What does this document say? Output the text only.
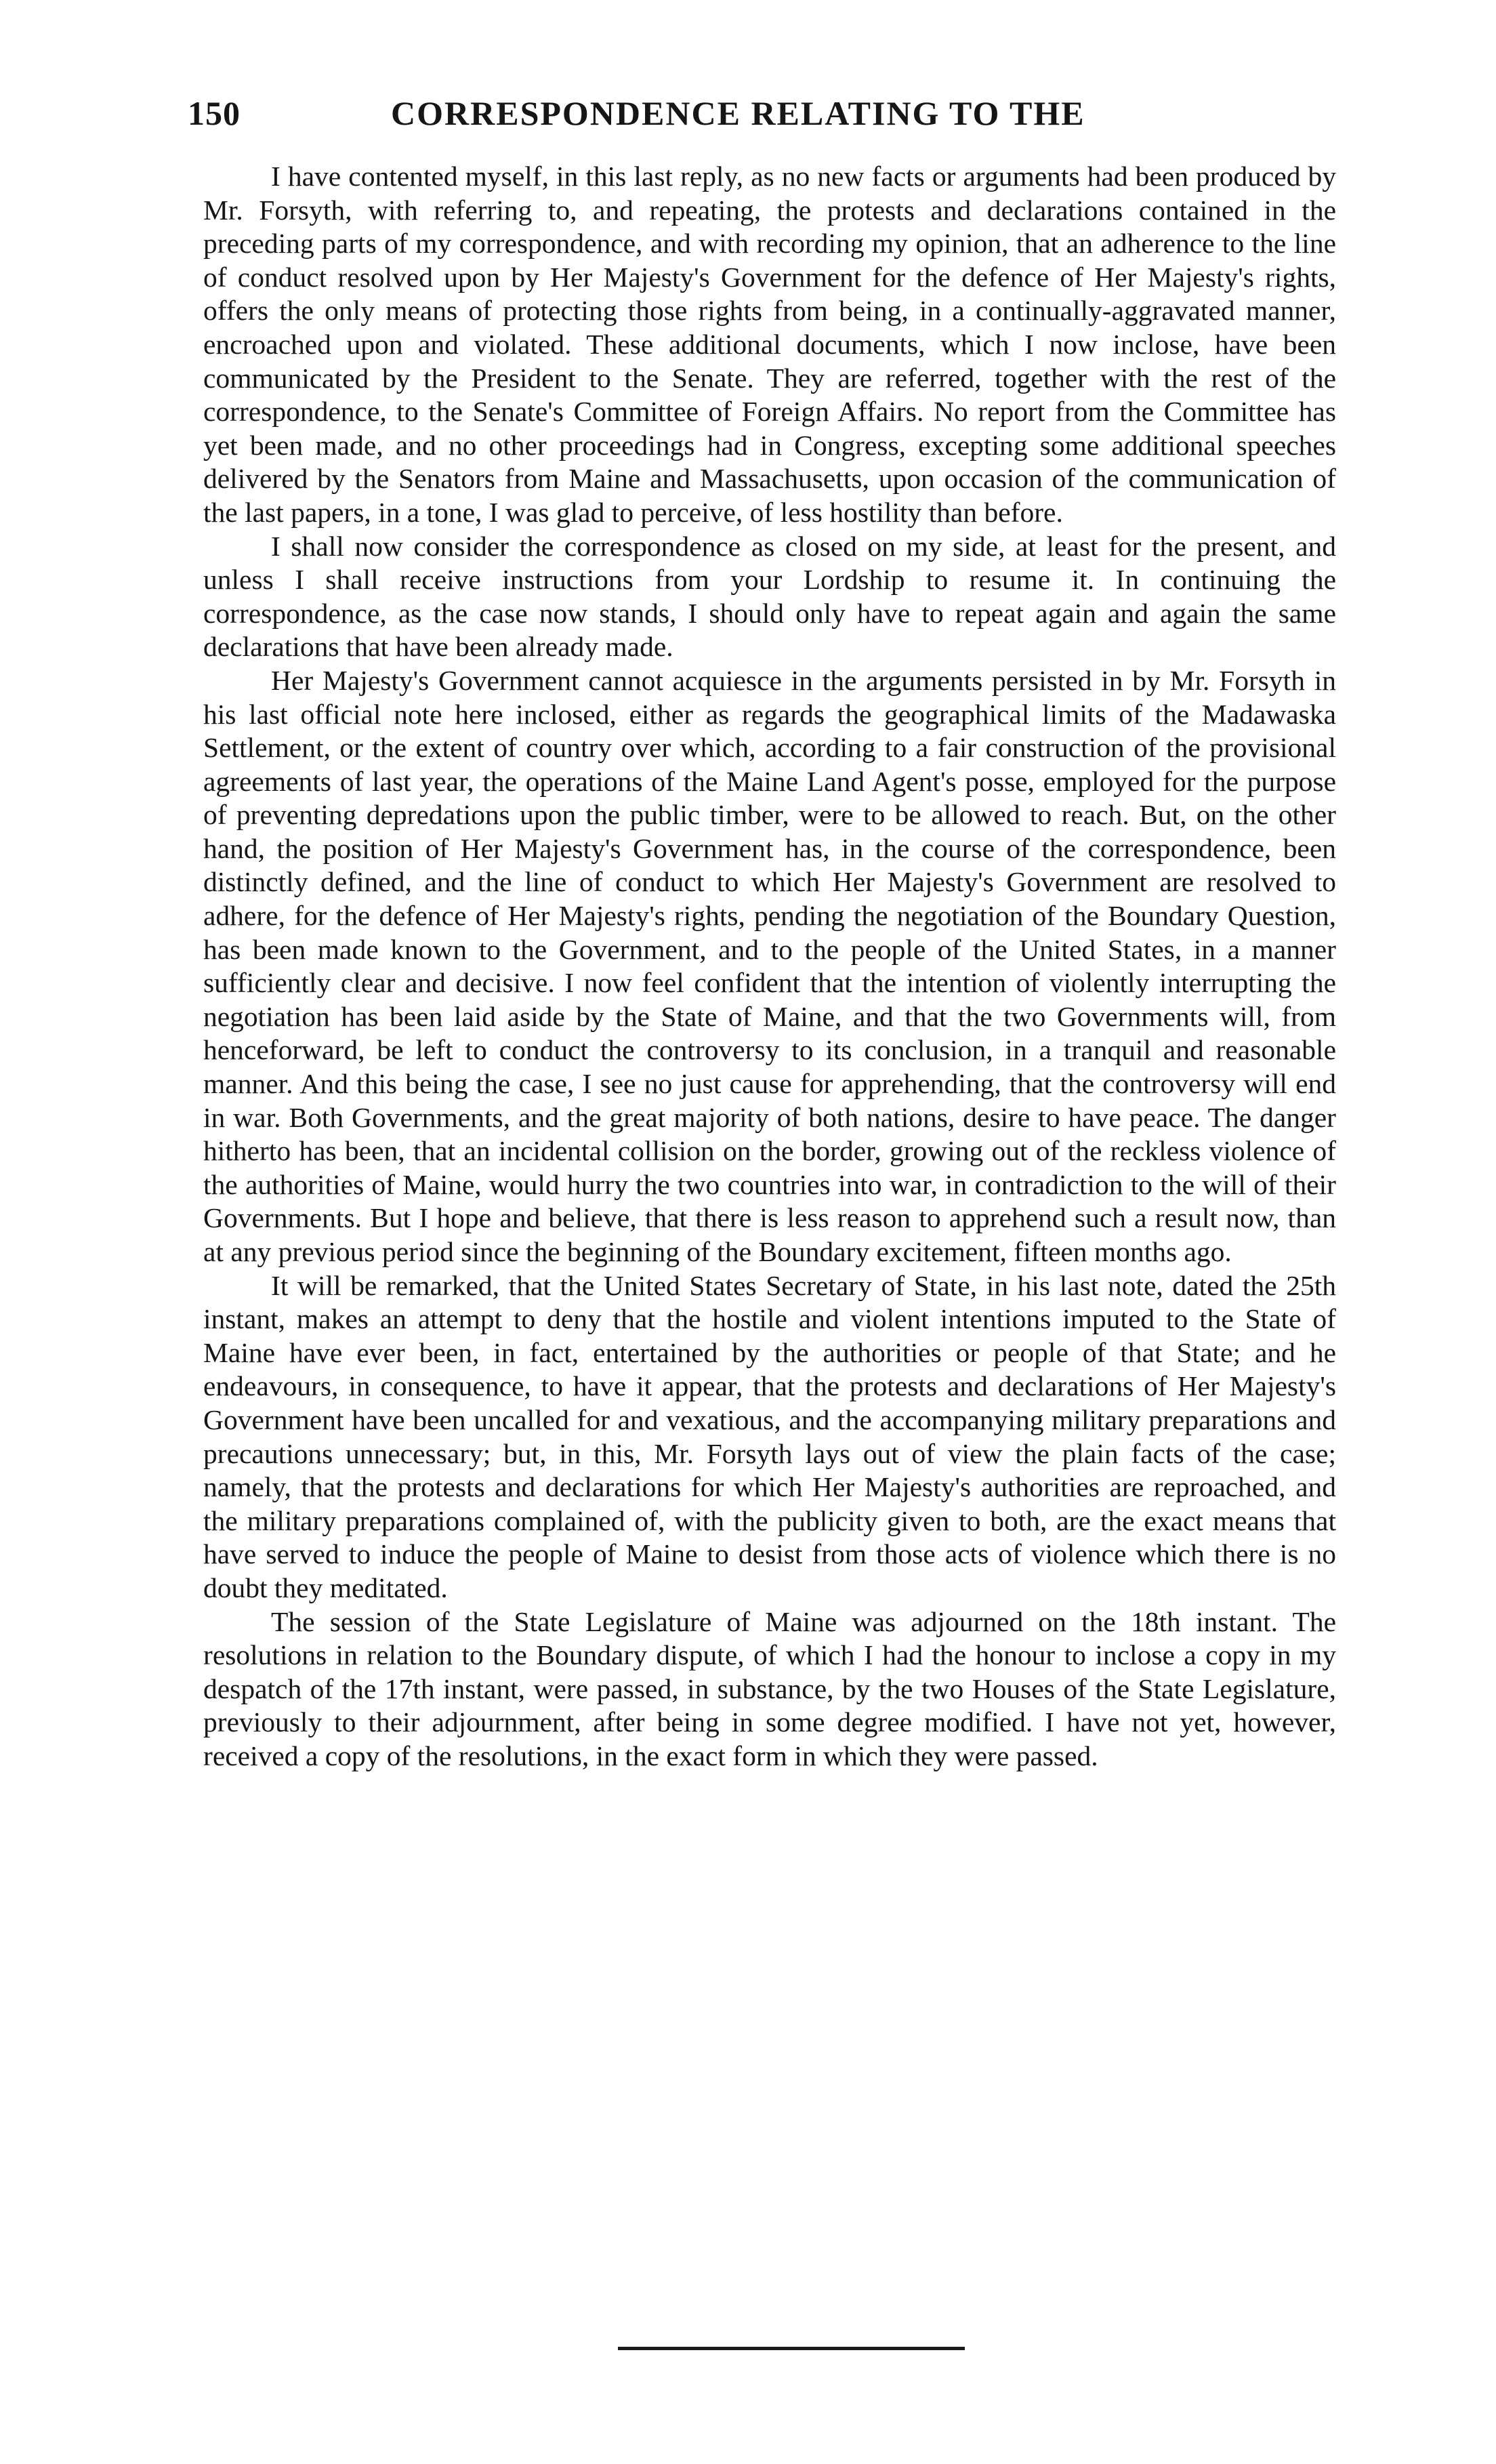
150	CORRESPONDENCE RELATING TO THE

I have contented myself, in this last reply, as no new facts or arguments had been produced by Mr. Forsyth, with referring to, and repeating, the protests and declarations contained in the preceding parts of my correspondence, and with recording my opinion, that an adherence to the line of conduct resolved upon by Her Majesty's Government for the defence of Her Majesty's rights, offers the only means of protecting those rights from being, in a continually-aggravated manner, encroached upon and violated. These additional documents, which I now inclose, have been communicated by the President to the Senate. They are referred, together with the rest of the correspondence, to the Senate's Committee of Foreign Affairs. No report from the Committee has yet been made, and no other proceedings had in Congress, excepting some additional speeches delivered by the Senators from Maine and Massachusetts, upon occasion of the communication of the last papers, in a tone, I was glad to perceive, of less hostility than before.

I shall now consider the correspondence as closed on my side, at least for the present, and unless I shall receive instructions from your Lordship to resume it. In continuing the correspondence, as the case now stands, I should only have to repeat again and again the same declarations that have been already made.

Her Majesty's Government cannot acquiesce in the arguments persisted in by Mr. Forsyth in his last official note here inclosed, either as regards the geographical limits of the Madawaska Settlement, or the extent of country over which, according to a fair construction of the provisional agreements of last year, the operations of the Maine Land Agent's posse, employed for the purpose of preventing depredations upon the public timber, were to be allowed to reach. But, on the other hand, the position of Her Majesty's Government has, in the course of the correspondence, been distinctly defined, and the line of conduct to which Her Majesty's Government are resolved to adhere, for the defence of Her Majesty's rights, pending the negotiation of the Boundary Question, has been made known to the Government, and to the people of the United States, in a manner sufficiently clear and decisive. I now feel confident that the intention of violently interrupting the negotiation has been laid aside by the State of Maine, and that the two Governments will, from henceforward, be left to conduct the controversy to its conclusion, in a tranquil and reasonable manner. And this being the case, I see no just cause for apprehending, that the controversy will end in war. Both Governments, and the great majority of both nations, desire to have peace. The danger hitherto has been, that an incidental collision on the border, growing out of the reckless violence of the authorities of Maine, would hurry the two countries into war, in contradiction to the will of their Governments. But I hope and believe, that there is less reason to apprehend such a result now, than at any previous period since the beginning of the Boundary excitement, fifteen months ago.

It will be remarked, that the United States Secretary of State, in his last note, dated the 25th instant, makes an attempt to deny that the hostile and violent intentions imputed to the State of Maine have ever been, in fact, entertained by the authorities or people of that State; and he endeavours, in consequence, to have it appear, that the protests and declarations of Her Majesty's Government have been uncalled for and vexatious, and the accompanying military preparations and precautions unnecessary; but, in this, Mr. Forsyth lays out of view the plain facts of the case; namely, that the protests and declarations for which Her Majesty's authorities are reproached, and the military preparations complained of, with the publicity given to both, are the exact means that have served to induce the people of Maine to desist from those acts of violence which there is no doubt they meditated.

The session of the State Legislature of Maine was adjourned on the 18th instant. The resolutions in relation to the Boundary dispute, of which I had the honour to inclose a copy in my despatch of the 17th instant, were passed, in substance, by the two Houses of the State Legislature, previously to their adjournment, after being in some degree modified. I have not yet, however, received a copy of the resolutions, in the exact form in which they were passed.
